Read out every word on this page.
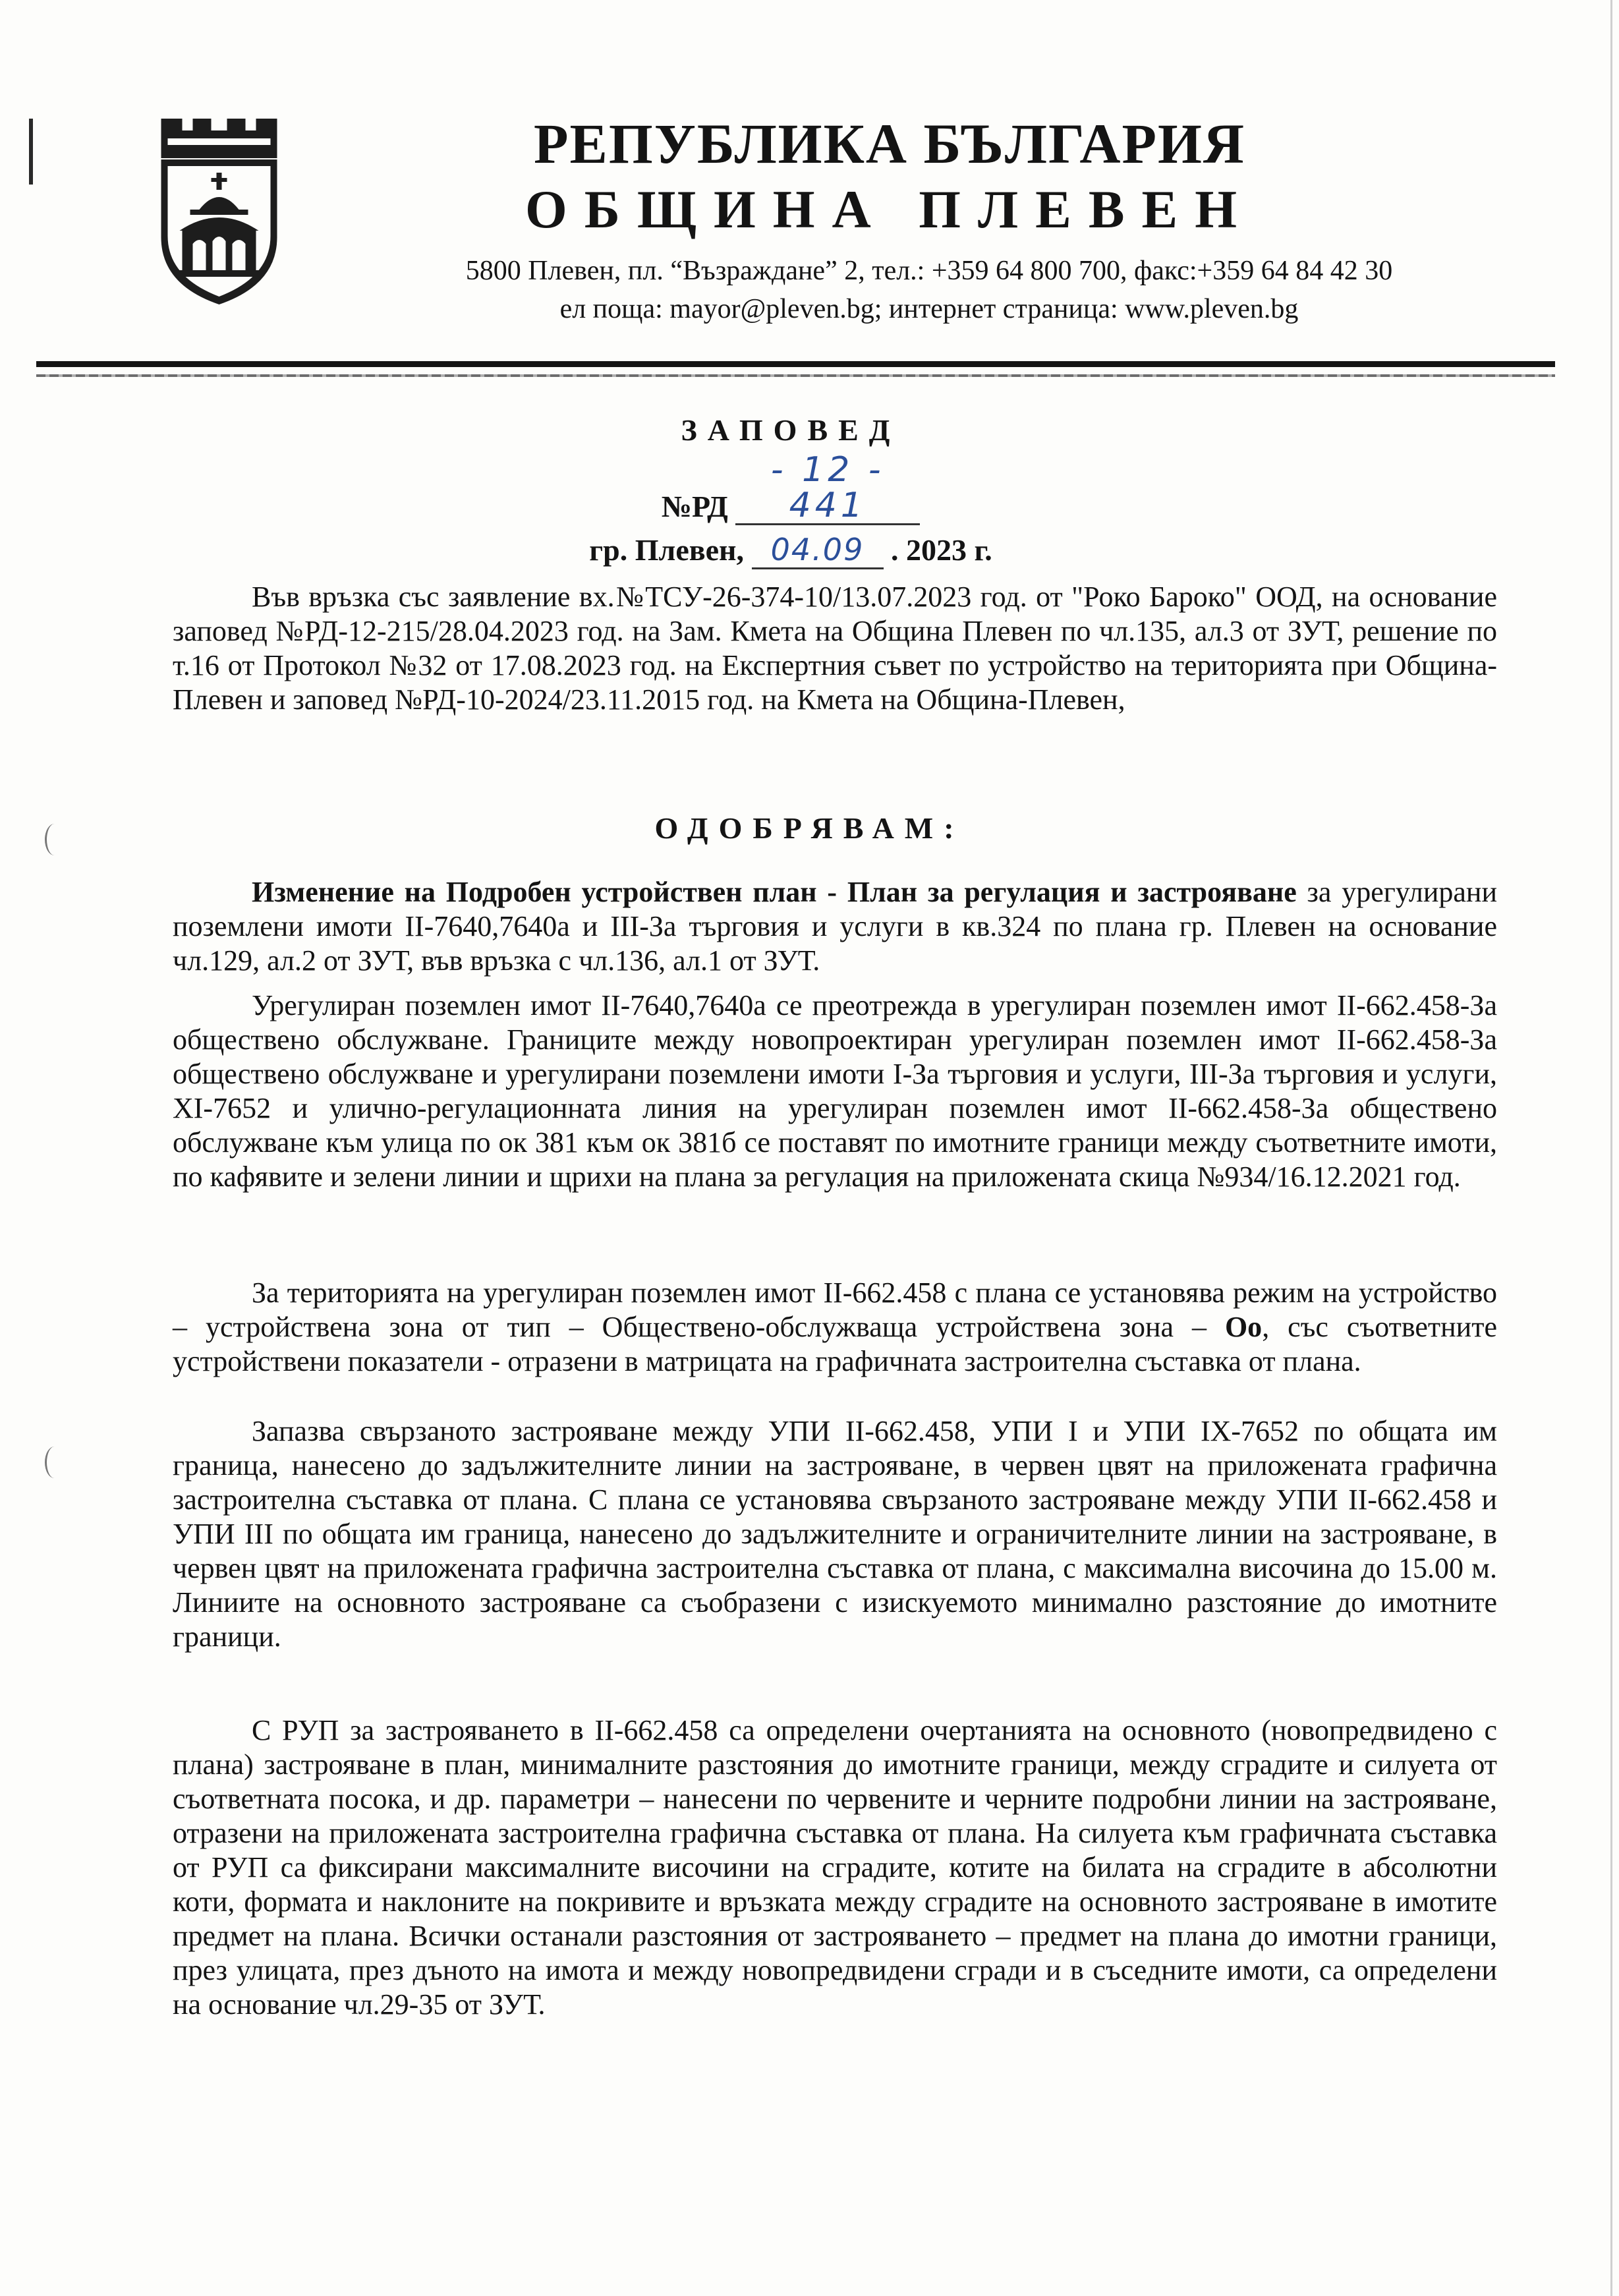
РЕПУБЛИКА БЪЛГАРИЯ
ОБЩИНА ПЛЕВЕН
5800 Плевен, пл. “Възраждане” 2, тел.: +359 64 800 700, факс:+359 64 84 42 30
ел поща: mayor@pleven.bg; интернет страница: www.pleven.bg

ЗАПОВЕД

№РД - 12 - 441
гр. Плевен, 04.09 . 2023 г.

Във връзка със заявление вх.№ТСУ-26-374-10/13.07.2023 год. от "Роко Бароко" ООД, на основание заповед №РД-12-215/28.04.2023 год. на Зам. Кмета на Община Плевен по чл.135, ал.3 от ЗУТ, решение по т.16 от Протокол №32 от 17.08.2023 год. на Експертния съвет по устройство на територията при Община-Плевен и заповед №РД-10-2024/23.11.2015 год. на Кмета на Община-Плевен,

ОДОБРЯВАМ:

Изменение на Подробен устройствен план - План за регулация и застрояване за урегулирани поземлени имоти II-7640,7640а и III-За търговия и услуги в кв.324 по плана гр. Плевен на основание чл.129, ал.2 от ЗУТ, във връзка с чл.136, ал.1 от ЗУТ.

Урегулиран поземлен имот II-7640,7640а се преотрежда в урегулиран поземлен имот II-662.458-За обществено обслужване. Границите между новопроектиран урегулиран поземлен имот II-662.458-За обществено обслужване и урегулирани поземлени имоти I-За търговия и услуги, III-За търговия и услуги, XI-7652 и улично-регулационната линия на урегулиран поземлен имот II-662.458-За обществено обслужване към улица по ок 381 към ок 381б се поставят по имотните граници между съответните имоти, по кафявите и зелени линии и щрихи на плана за регулация на приложената скица №934/16.12.2021 год.

За територията на урегулиран поземлен имот II-662.458 с плана се установява режим на устройство – устройствена зона от тип – Обществено-обслужваща устройствена зона – Оо, със съответните устройствени показатели - отразени в матрицата на графичната застроителна съставка от плана.

Запазва свързаното застрояване между УПИ II-662.458, УПИ I и УПИ IX-7652 по общата им граница, нанесено до задължителните линии на застрояване, в червен цвят на приложената графична застроителна съставка от плана. С плана се установява свързаното застрояване между УПИ II-662.458 и УПИ III по общата им граница, нанесено до задължителните и ограничителните линии на застрояване, в червен цвят на приложената графична застроителна съставка от плана, с максимална височина до 15.00 м. Линиите на основното застрояване са съобразени с изискуемото минимално разстояние до имотните граници.

С РУП за застрояването в II-662.458 са определени очертанията на основното (новопредвидено с плана) застрояване в план, минималните разстояния до имотните граници, между сградите и силуета от съответната посока, и др. параметри – нанесени по червените и черните подробни линии на застрояване, отразени на приложената застроителна графична съставка от плана. На силуета към графичната съставка от РУП са фиксирани максималните височини на сградите, котите на билата на сградите в абсолютни коти, формата и наклоните на покривите и връзката между сградите на основното застрояване в имотите предмет на плана. Всички останали разстояния от застрояването – предмет на плана до имотни граници, през улицата, през дъното на имота и между новопредвидени сгради и в съседните имоти, са определени на основание чл.29-35 от ЗУТ.
